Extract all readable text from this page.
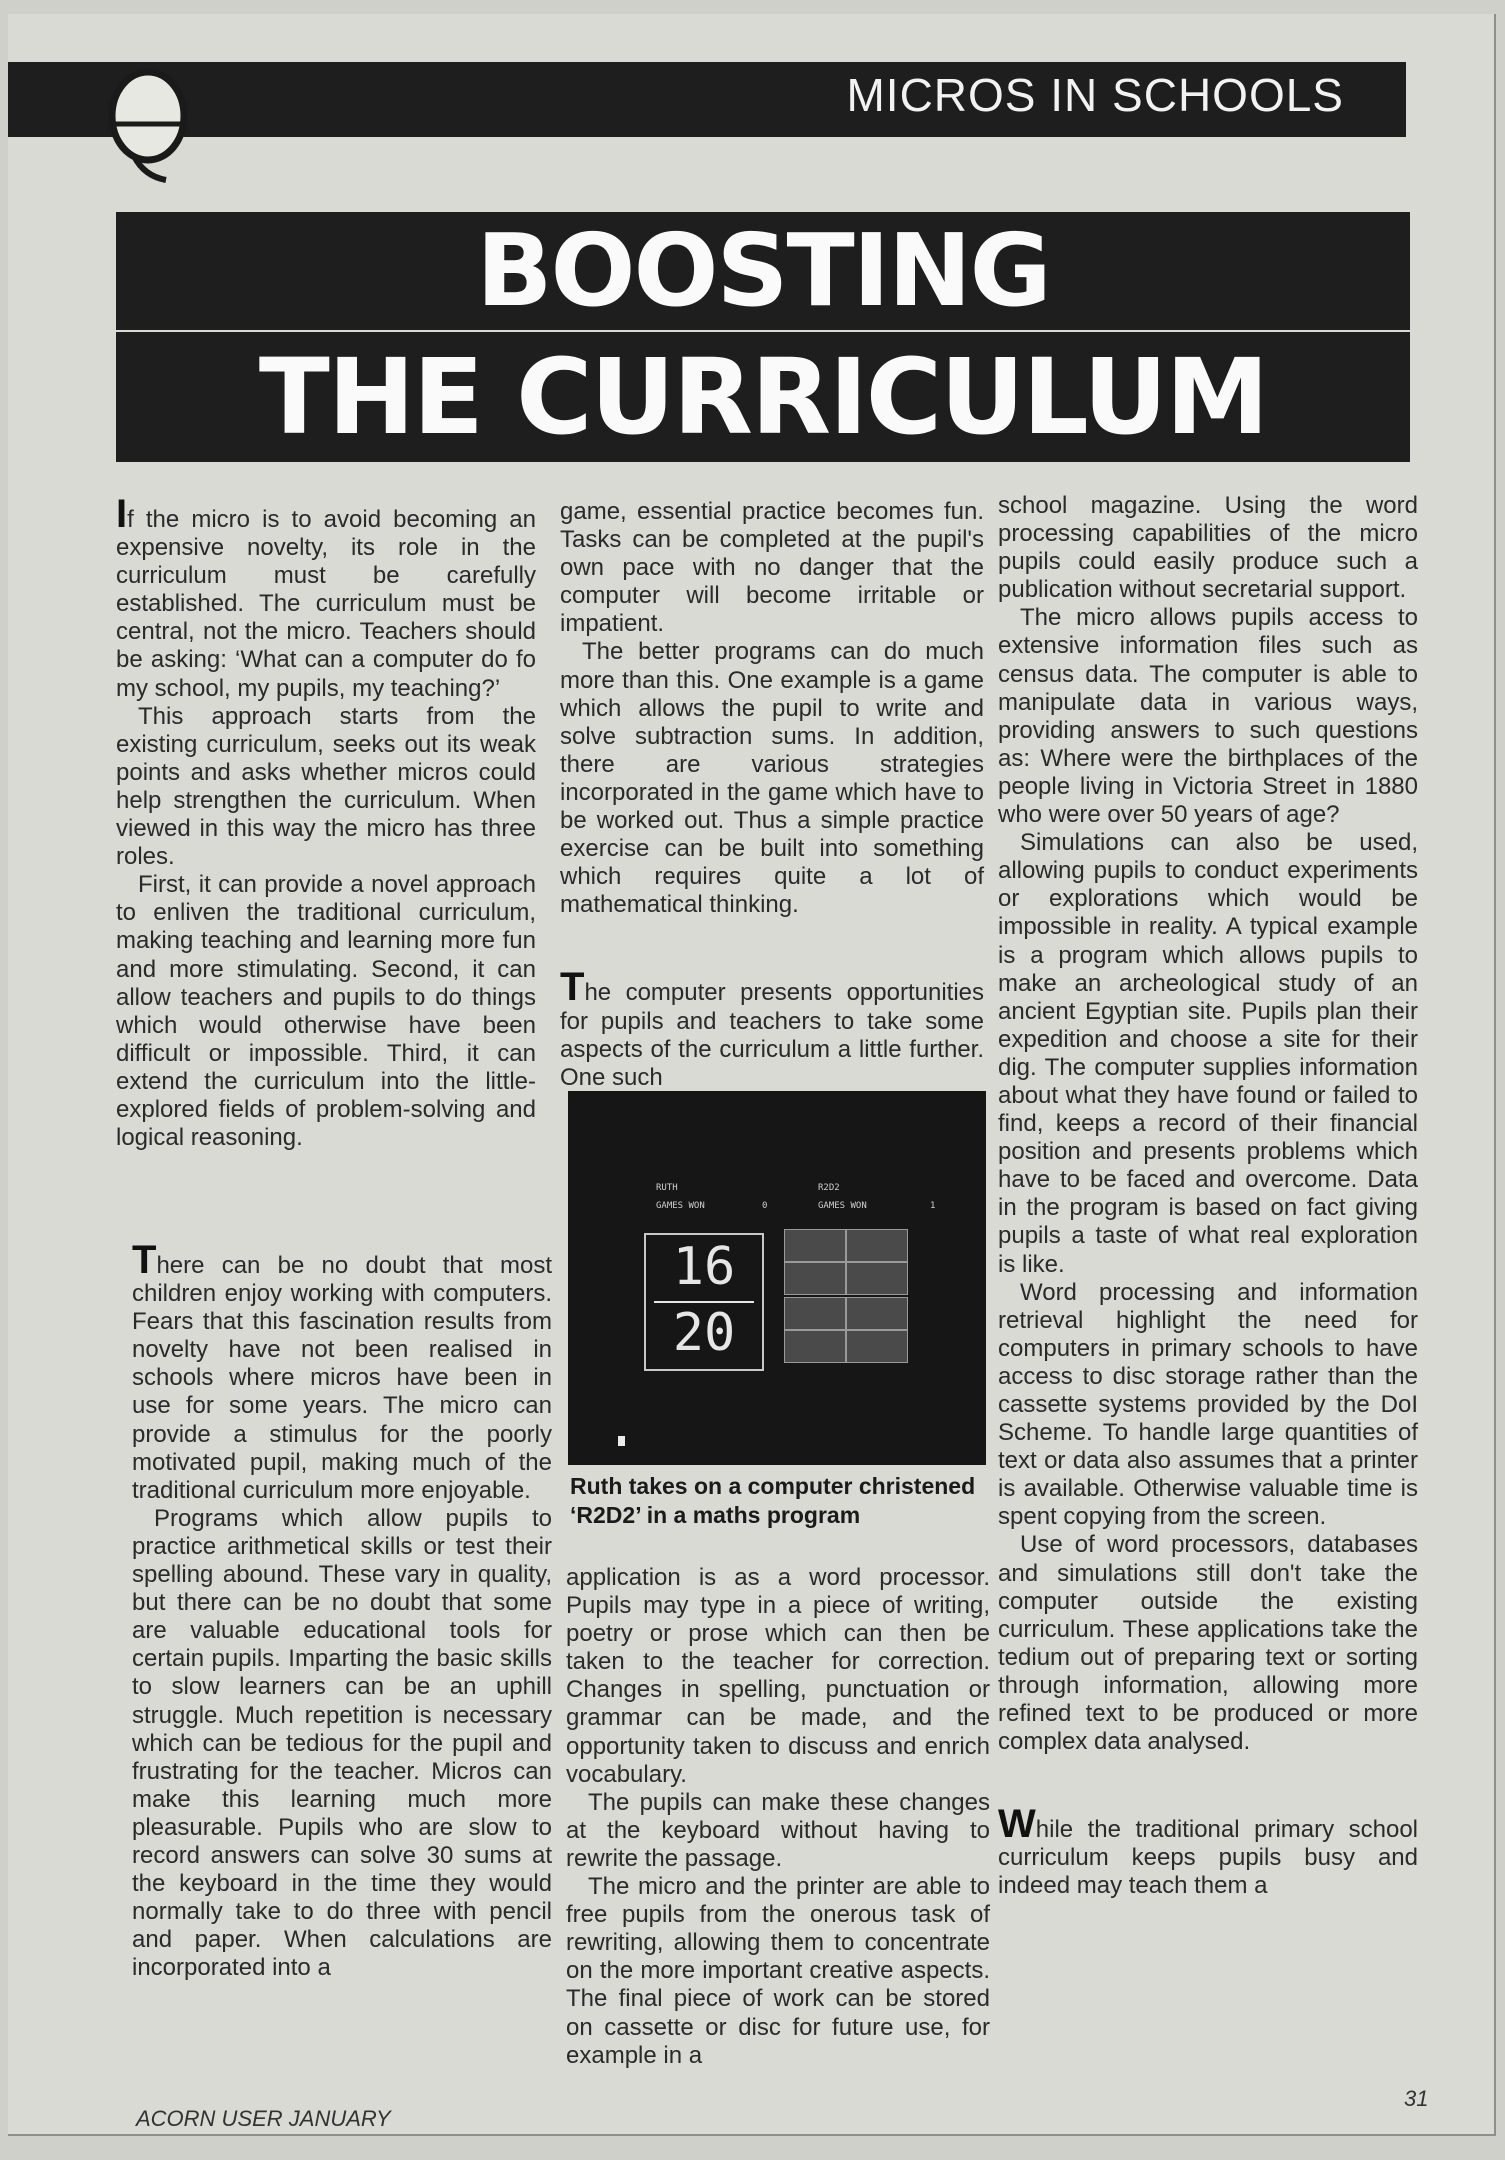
MICROS IN SCHOOLS
BOOSTING
THE CURRICULUM

If the micro is to avoid becoming an expensive novelty, its role in the curriculum must be carefully established. The curriculum must be central, not the micro. Teachers should be asking: ‘What can a computer do fo my school, my pupils, my teaching?’

This approach starts from the existing curriculum, seeks out its weak points and asks whether micros could help strengthen the curriculum. When viewed in this way the micro has three roles.

First, it can provide a novel approach to enliven the traditional curriculum, making teaching and learning more fun and more stimulating. Second, it can allow teachers and pupils to do things which would otherwise have been difficult or impossible. Third, it can extend the curriculum into the little-explored fields of problem-solving and logical reasoning.

There can be no doubt that most children enjoy working with computers. Fears that this fascination results from novelty have not been realised in schools where micros have been in use for some years. The micro can provide a stimulus for the poorly motivated pupil, making much of the traditional curriculum more enjoyable.

Programs which allow pupils to practice arithmetical skills or test their spelling abound. These vary in quality, but there can be no doubt that some are valuable educational tools for certain pupils. Imparting the basic skills to slow learners can be an uphill struggle. Much repetition is necessary which can be tedious for the pupil and frustrating for the teacher. Micros can make this learning much more pleasurable. Pupils who are slow to record answers can solve 30 sums at the keyboard in the time they would normally take to do three with pencil and paper. When calculations are incorporated into a

game, essential practice becomes fun. Tasks can be completed at the pupil's own pace with no danger that the computer will become irritable or impatient.

The better programs can do much more than this. One example is a game which allows the pupil to write and solve subtraction sums. In addition, there are various strategies incorporated in the game which have to be worked out. Thus a simple practice exercise can be built into something which requires quite a lot of mathematical thinking.

The computer presents opportunities for pupils and teachers to take some aspects of the curriculum a little further. One such

RUTH	R2D2
GAMES WON	0	GAMES WON	1
16
20
Ruth takes on a computer christened ‘R2D2’ in a maths program

application is as a word processor. Pupils may type in a piece of writing, poetry or prose which can then be taken to the teacher for correction. Changes in spelling, punctuation or grammar can be made, and the opportunity taken to discuss and enrich vocabulary.

The pupils can make these changes at the keyboard without having to rewrite the passage.

The micro and the printer are able to free pupils from the onerous task of rewriting, allowing them to concentrate on the more important creative aspects. The final piece of work can be stored on cassette or disc for future use, for example in a

school magazine. Using the word processing capabilities of the micro pupils could easily produce such a publication without secretarial support.

The micro allows pupils access to extensive information files such as census data. The computer is able to manipulate data in various ways, providing answers to such questions as: Where were the birthplaces of the people living in Victoria Street in 1880 who were over 50 years of age?

Simulations can also be used, allowing pupils to conduct experiments or explorations which would be impossible in reality. A typical example is a program which allows pupils to make an archeological study of an ancient Egyptian site. Pupils plan their expedition and choose a site for their dig. The computer supplies information about what they have found or failed to find, keeps a record of their financial position and presents problems which have to be faced and overcome. Data in the program is based on fact giving pupils a taste of what real exploration is like.

Word processing and information retrieval highlight the need for computers in primary schools to have access to disc storage rather than the cassette systems provided by the DoI Scheme. To handle large quantities of text or data also assumes that a printer is available. Otherwise valuable time is spent copying from the screen.

Use of word processors, databases and simulations still don't take the computer outside the existing curriculum. These applications take the tedium out of preparing text or sorting through information, allowing more refined text to be produced or more complex data analysed.

While the traditional primary school curriculum keeps pupils busy and indeed may teach them a

ACORN USER JANUARY
31
